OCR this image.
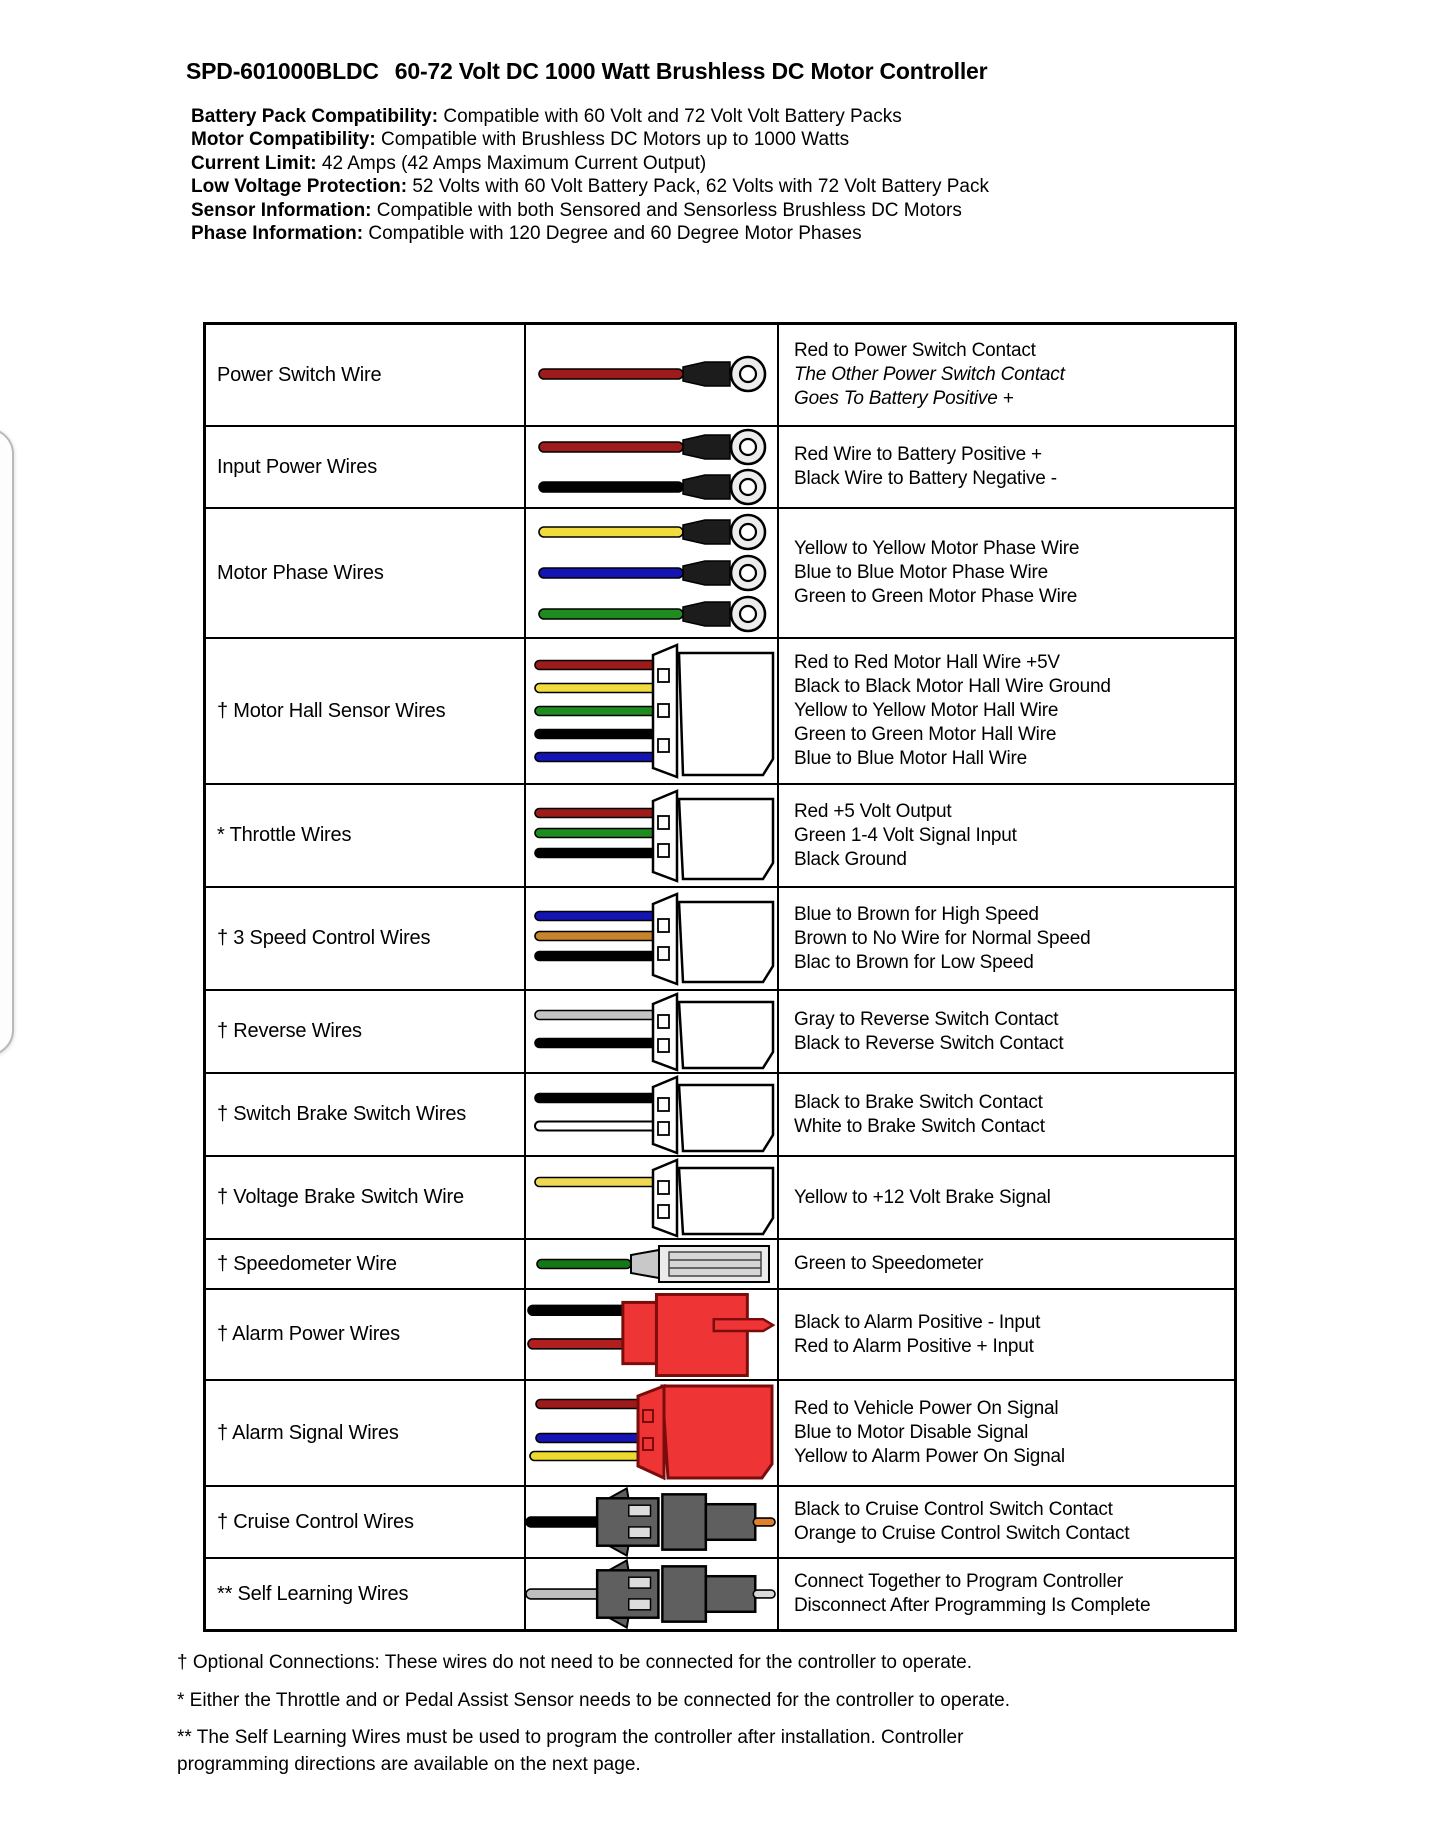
SPD-601000BLDC 60-72 Volt DC 1000 Watt Brushless DC Motor Controller
Battery Pack Compatibility: Compatible with 60 Volt and 72 Volt Volt Battery Packs
Motor Compatibility: Compatible with Brushless DC Motors up to 1000 Watts
Current Limit: 42 Amps (42 Amps Maximum Current Output)
Low Voltage Protection: 52 Volts with 60 Volt Battery Pack, 62 Volts with 72 Volt Battery Pack
Sensor Information: Compatible with both Sensored and Sensorless Brushless DC Motors
Phase Information: Compatible with 120 Degree and 60 Degree Motor Phases
Power Switch Wire
Red to Power Switch Contact
The Other Power Switch Contact
Goes To Battery Positive +
Input Power Wires
Red Wire to Battery Positive +
Black Wire to Battery Negative -
Motor Phase Wires
Yellow to Yellow Motor Phase Wire
Blue to Blue Motor Phase Wire
Green to Green Motor Phase Wire
† Motor Hall Sensor Wires
Red to Red Motor Hall Wire +5V
Black to Black Motor Hall Wire Ground
Yellow to Yellow Motor Hall Wire
Green to Green Motor Hall Wire
Blue to Blue Motor Hall Wire
* Throttle Wires
Red +5 Volt Output
Green 1-4 Volt Signal Input
Black Ground
† 3 Speed Control Wires
Blue to Brown for High Speed
Brown to No Wire for Normal Speed
Blac to Brown for Low Speed
† Reverse Wires
Gray to Reverse Switch Contact
Black to Reverse Switch Contact
† Switch Brake Switch Wires
Black to Brake Switch Contact
White to Brake Switch Contact
† Voltage Brake Switch Wire	Yellow to +12 Volt Brake Signal
† Speedometer Wire	Green to Speedometer
† Alarm Power Wires
Black to Alarm Positive - Input
Red to Alarm Positive + Input
† Alarm Signal Wires
Red to Vehicle Power On Signal
Blue to Motor Disable Signal
Yellow to Alarm Power On Signal
† Cruise Control Wires
Black to Cruise Control Switch Contact
Orange to Cruise Control Switch Contact
** Self Learning Wires
Connect Together to Program Controller
Disconnect After Programming Is Complete
† Optional Connections: These wires do not need to be connected for the controller to operate.
* Either the Throttle and or Pedal Assist Sensor needs to be connected for the controller to operate.
** The Self Learning Wires must be used to program the controller after installation. Controller
programming directions are available on the next page.
